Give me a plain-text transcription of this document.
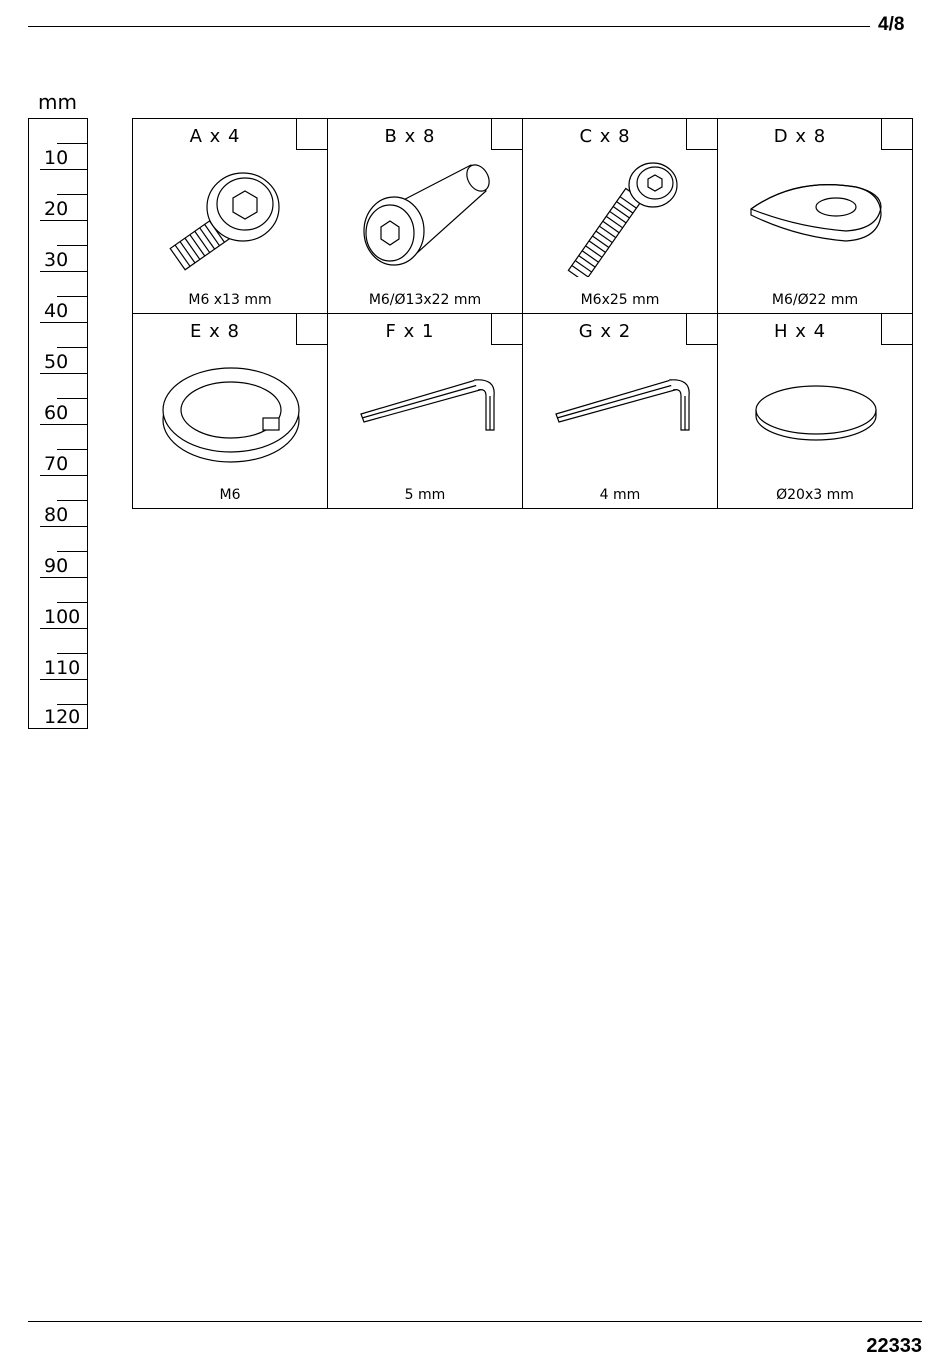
4/8
mm
10
20
30
40
50
60
70
80
90
100
110
120
A x 4
M6 x13 mm
B x 8
M6/Ø13x22 mm
C x 8
M6x25 mm
D x 8
M6/Ø22 mm
E x 8
M6
F x 1
5 mm
G x 2
4 mm
H x 4
Ø20x3 mm
22333
